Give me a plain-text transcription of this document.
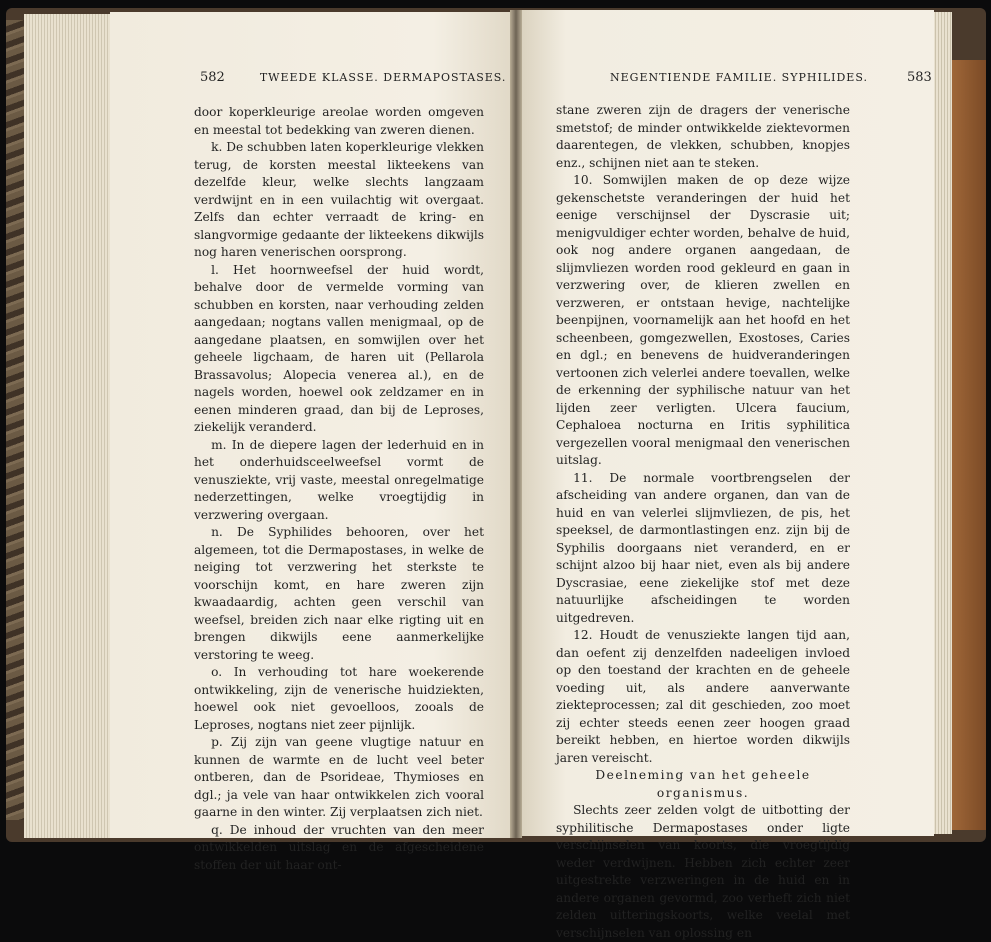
582	TWEEDE KLASSE. DERMAPOSTASES.	NEGENTIENDE FAMILIE. SYPHILIDES.	583

door koperkleurige areolae worden omgeven en meestal tot bedekking van zweren dienen.

k. De schubben laten koperkleurige vlekken terug, de korsten meestal likteekens van dezelfde kleur, welke slechts langzaam verdwijnt en in een vuilachtig wit overgaat. Zelfs dan echter verraadt de kring- en slangvormige gedaante der likteekens dikwijls nog haren venerischen oorsprong.

l. Het hoornweefsel der huid wordt, behalve door de vermelde vorming van schubben en korsten, naar verhouding zelden aangedaan; nogtans vallen menigmaal, op de aangedane plaatsen, en somwijlen over het geheele ligchaam, de haren uit (Pellarola Brassavolus; Alopecia venerea al.), en de nagels worden, hoewel ook zeldzamer en in eenen minderen graad, dan bij de Leproses, ziekelijk veranderd.

m. In de diepere lagen der lederhuid en in het onderhuidsceelweefsel vormt de venusziekte, vrij vaste, meestal onregelmatige nederzettingen, welke vroegtijdig in verzwering overgaan.

n. De Syphilides behooren, over het algemeen, tot die Dermapostases, in welke de neiging tot verzwering het sterkste te voorschijn komt, en hare zweren zijn kwaadaardig, achten geen verschil van weefsel, breiden zich naar elke rigting uit en brengen dikwijls eene aanmerkelijke verstoring te weeg.

o. In verhouding tot hare woekerende ontwikkeling, zijn de venerische huidziekten, hoewel ook niet gevoelloos, zooals de Leproses, nogtans niet zeer pijnlijk.

p. Zij zijn van geene vlugtige natuur en kunnen de warmte en de lucht veel beter ontberen, dan de Psorideae, Thymioses en dgl.; ja vele van haar ontwikkelen zich vooral gaarne in den winter. Zij verplaatsen zich niet.

q. De inhoud der vruchten van den meer ontwikkelden uitslag en de afgescheidene stoffen der uit haar ont-

stane zweren zijn de dragers der venerische smetstof; de minder ontwikkelde ziektevormen daarentegen, de vlekken, schubben, knopjes enz., schijnen niet aan te steken.

10. Somwijlen maken de op deze wijze gekenschetste veranderingen der huid het eenige verschijnsel der Dyscrasie uit; menigvuldiger echter worden, behalve de huid, ook nog andere organen aangedaan, de slijmvliezen worden rood gekleurd en gaan in verzwering over, de klieren zwellen en verzweren, er ontstaan hevige, nachtelijke beenpijnen, voornamelijk aan het hoofd en het scheenbeen, gomgezwellen, Exostoses, Caries en dgl.; en benevens de huidveranderingen vertoonen zich velerlei andere toevallen, welke de erkenning der syphilische natuur van het lijden zeer verligten. Ulcera faucium, Cephaloea nocturna en Iritis syphilitica vergezellen vooral menigmaal den venerischen uitslag.

11. De normale voortbrengselen der afscheiding van andere organen, dan van de huid en van velerlei slijmvliezen, de pis, het speeksel, de darmontlastingen enz. zijn bij de Syphilis doorgaans niet veranderd, en er schijnt alzoo bij haar niet, even als bij andere Dyscrasiae, eene ziekelijke stof met deze natuurlijke afscheidingen te worden uitgedreven.

12. Houdt de venusziekte langen tijd aan, dan oefent zij denzelfden nadeeligen invloed op den toestand der krachten en de geheele voeding uit, als andere aanverwante ziekteprocessen; zal dit geschieden, zoo moet zij echter steeds eenen zeer hoogen graad bereikt hebben, en hiertoe worden dikwijls jaren vereischt.

Deelneming van het geheele organismus.

Slechts zeer zelden volgt de uitbotting der syphilitische Dermapostases onder ligte verschijnselen van koorts, die vroegtijdig weder verdwijnen. Hebben zich echter zeer uitgestrekte verzweringen in de huid en in andere organen gevormd, zoo verheft zich niet zelden uitteringskoorts, welke veelal met verschijnselen van oplossing en
